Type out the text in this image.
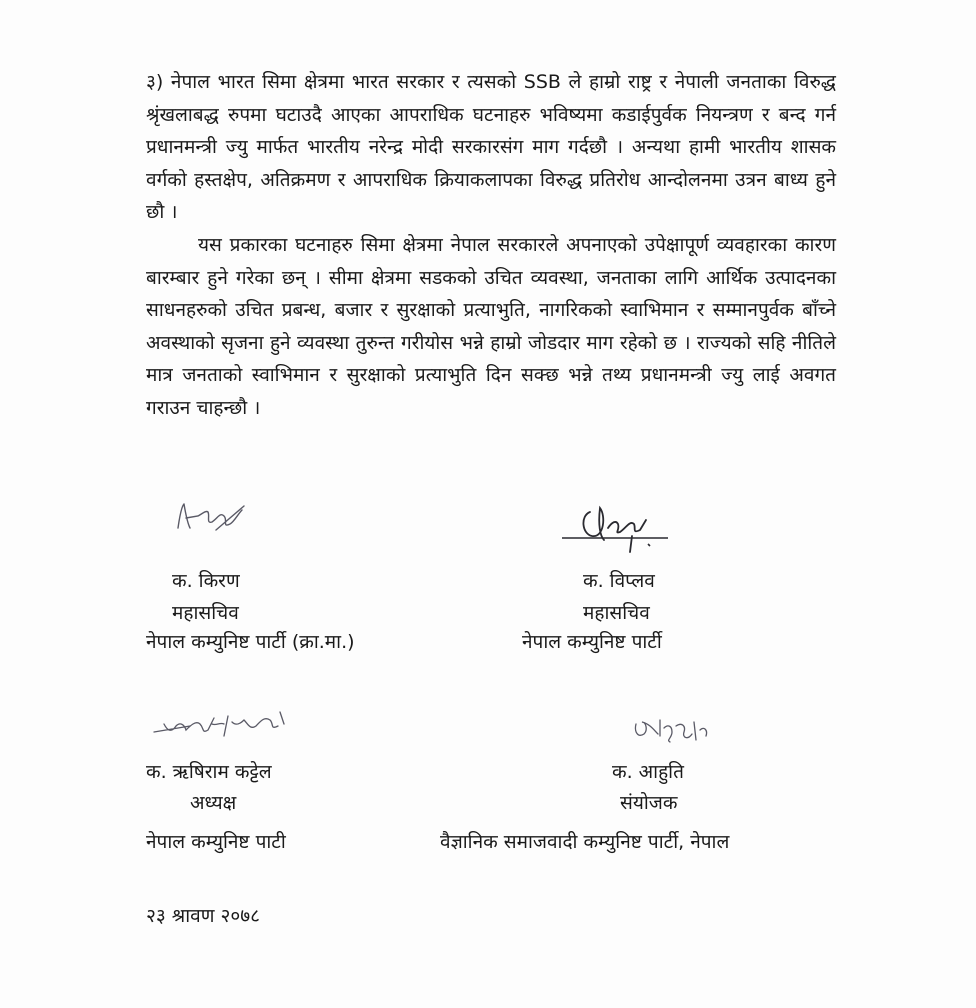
३) नेपाल भारत सिमा क्षेत्रमा भारत सरकार र त्यसको SSB ले हाम्रो राष्ट्र र नेपाली जनताका विरुद्ध श्रृंखलाबद्ध रुपमा घटाउदै आएका आपराधिक घटनाहरु भविष्यमा कडाईपुर्वक नियन्त्रण र बन्द गर्न प्रधानमन्त्री ज्यु मार्फत भारतीय नरेन्द्र मोदी सरकारसंग माग गर्दछौ । अन्यथा हामी भारतीय शासक वर्गको हस्तक्षेप, अतिक्रमण र आपराधिक क्रियाकलापका विरुद्ध प्रतिरोध आन्दोलनमा उत्रन बाध्य हुने छौ ।

यस प्रकारका घटनाहरु सिमा क्षेत्रमा नेपाल सरकारले अपनाएको उपेक्षापूर्ण व्यवहारका कारण बारम्बार हुने गरेका छन् । सीमा क्षेत्रमा सडकको उचित व्यवस्था, जनताका लागि आर्थिक उत्पादनका साधनहरुको उचित प्रबन्ध, बजार र सुरक्षाको प्रत्याभुति, नागरिकको स्वाभिमान र सम्मानपुर्वक बाँच्ने अवस्थाको सृजना हुने व्यवस्था तुरुन्त गरीयोस भन्ने हाम्रो जोडदार माग रहेको छ । राज्यको सहि नीतिले मात्र जनताको स्वाभिमान र सुरक्षाको प्रत्याभुति दिन सक्छ भन्ने तथ्य प्रधानमन्त्री ज्यु लाई अवगत गराउन चाहन्छौ ।

क. किरण
महासचिव
नेपाल कम्युनिष्ट पार्टी (क्रा.मा.)
क. विप्लव
महासचिव
नेपाल कम्युनिष्ट पार्टी
क. ऋषिराम कट्टेल
अध्यक्ष
नेपाल कम्युनिष्ट पाटी
क. आहुति
संयोजक
वैज्ञानिक समाजवादी कम्युनिष्ट पार्टी, नेपाल
२३ श्रावण २०७८
